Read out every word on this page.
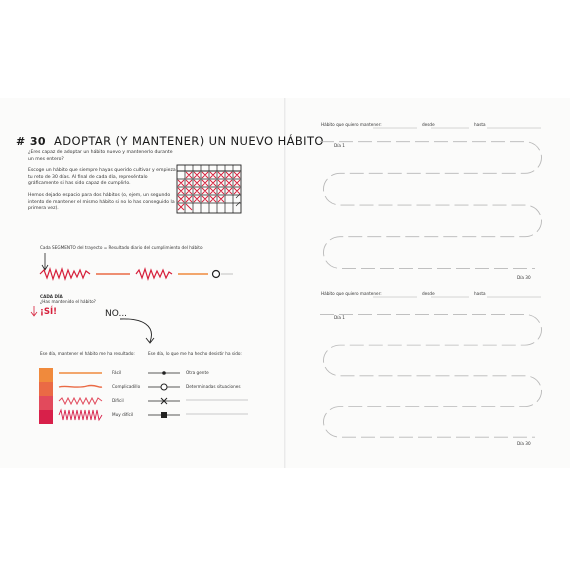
# 30 ADOPTAR (Y MANTENER) UN NUEVO HÁBITO
¿Eres capaz de adoptar un hábito nuevo y mantenerlo durante un mes entero?
Escoge un hábito que siempre hayas querido cultivar y empieza tu reto de 30 días. Al final de cada día, represéntalo gráficamente si has sido capaz de cumplirlo.
Hemos dejado espacio para dos hábitos (o, ejem, un segundo intento de mantener el mismo hábito si no lo has conseguido la primera vez).
Cada SEGMENTO del trayecto = Resultado diario del cumplimiento del hábito
CADA DÍA
¿Has mantenido el hábito?
¡SÍ!	NO...
Ese día, mantener el hábito me ha resultado:	Ese día, lo que me ha hecho desistir ha sido:
Fácil
Complicadillo
Difícil
Muy difícil
Otra gente
Determinadas situaciones
Hábito que quiero mantener:	desde	hasta
Día 1
Día 30
Hábito que quiero mantener:	desde	hasta
Día 1
Día 30
